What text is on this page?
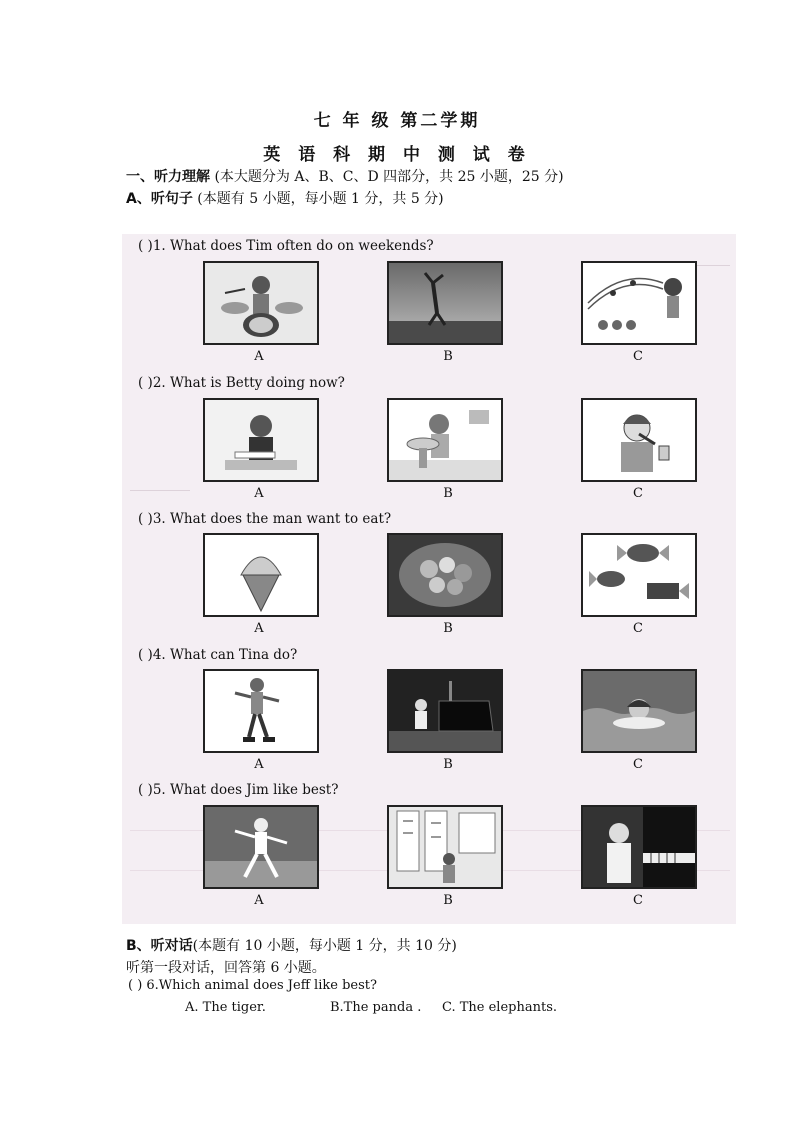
七 年 级 第二学期
英 语 科 期 中 测 试 卷
一、听力理解 (本大题分为 A、B、C、D 四部分，共 25 小题，25 分)
A、听句子 (本题有 5 小题，每小题 1 分，共 5 分)
( )1. What does Tim often do on weekends?
A	B	C
( )2. What is Betty doing now?
A	B	C
( )3. What does the man want to eat?
A	B	C
( )4. What can Tina do?
A	B	C
( )5. What does Jim like best?
A	B	C
B、听对话(本题有 10 小题，每小题 1 分，共 10 分)
听第一段对话，回答第 6 小题。
( ) 6.Which animal does Jeff like best?
A. The tiger.	B.The panda . C. The elephants.
